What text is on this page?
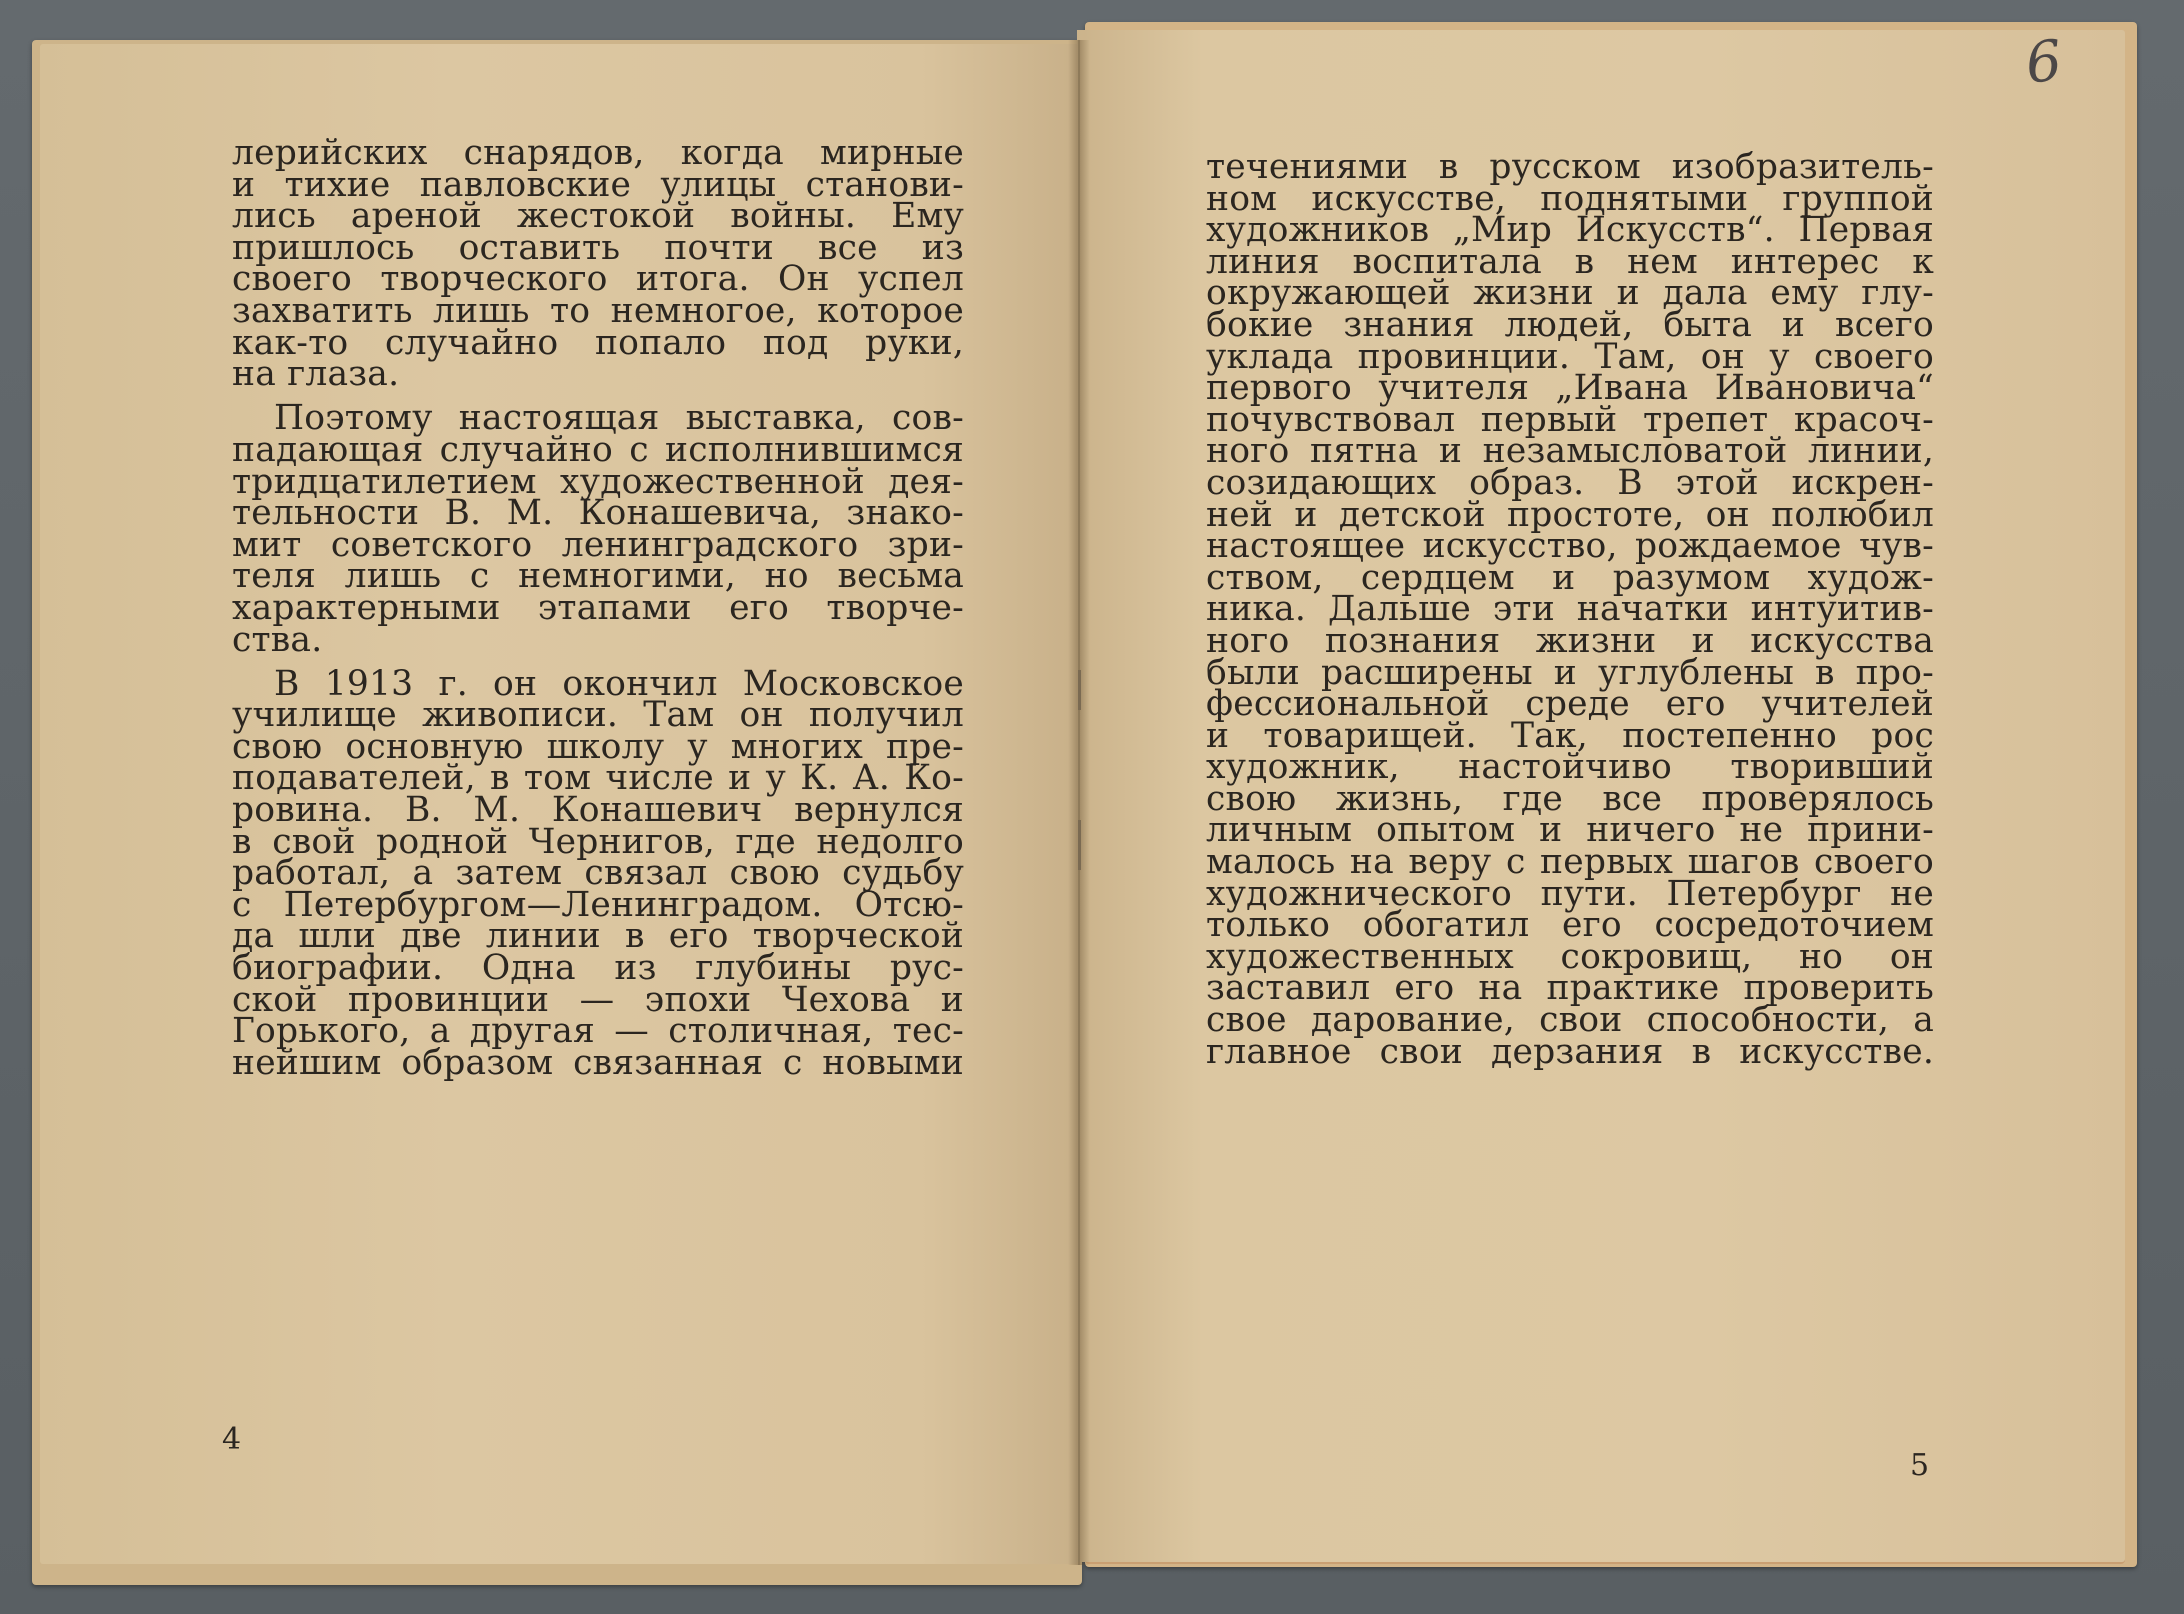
лерийских снарядов, когда мирные
и тихие павловские улицы станови-
лись ареной жестокой войны. Ему
пришлось оставить почти все из
своего творческого итога. Он успел
захватить лишь то немногое, которое
как-то случайно попало под руки,
на глаза.
Поэтому настоящая выставка, сов-
падающая случайно с исполнившимся
тридцатилетием художественной дея-
тельности В. М. Конашевича, знако-
мит советского ленинградского зри-
теля лишь с немногими, но весьма
характерными этапами его творче-
ства.
В 1913 г. он окончил Московское
училище живописи. Там он получил
свою основную школу у многих пре-
подавателей, в том числе и у К. А. Ко-
ровина. В. М. Конашевич вернулся
в свой родной Чернигов, где недолго
работал, а затем связал свою судьбу
с Петербургом—Ленинградом. Отсю-
да шли две линии в его творческой
биографии. Одна из глубины рус-
ской провинции — эпохи Чехова и
Горького, а другая — столичная, тес-
нейшим образом связанная с новыми
4
течениями в русском изобразитель-
ном искусстве, поднятыми группой
художников „Мир Искусств“. Первая
линия воспитала в нем интерес к
окружающей жизни и дала ему глу-
бокие знания людей, быта и всего
уклада провинции. Там, он у своего
первого учителя „Ивана Ивановича“
почувствовал первый трепет красоч-
ного пятна и незамысловатой линии,
созидающих образ. В этой искрен-
ней и детской простоте, он полюбил
настоящее искусство, рождаемое чув-
ством, сердцем и разумом худож-
ника. Дальше эти начатки интуитив-
ного познания жизни и искусства
были расширены и углублены в про-
фессиональной среде его учителей
и товарищей. Так, постепенно рос
художник, настойчиво творивший
свою жизнь, где все проверялось
личным опытом и ничего не прини-
малось на веру с первых шагов своего
художнического пути. Петербург не
только обогатил его сосредоточием
художественных сокровищ, но он
заставил его на практике проверить
свое дарование, свои способности, а
главное свои дерзания в искусстве.
5
6
